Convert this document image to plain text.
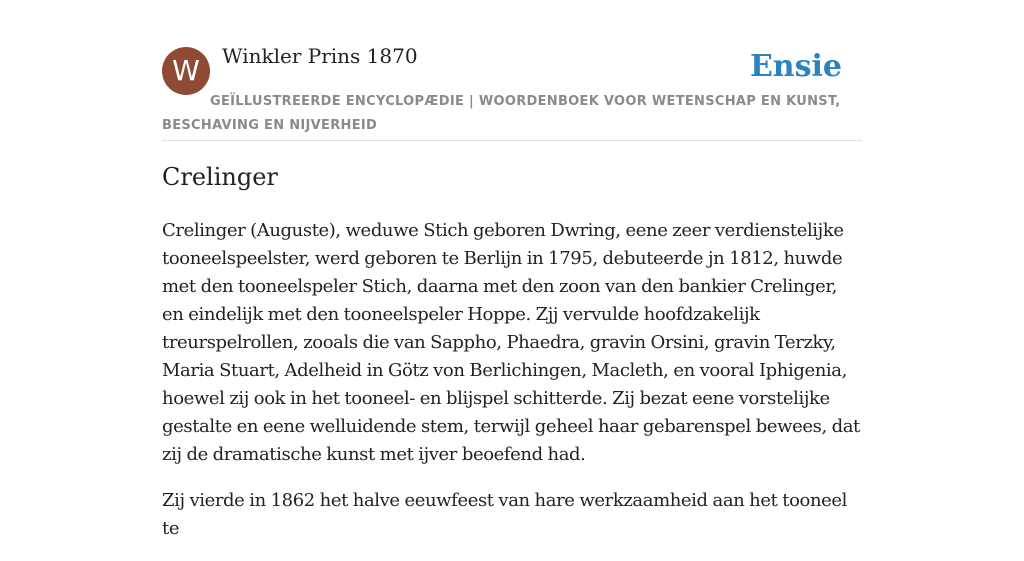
W	Winkler Prins 1870	Ensie
GEÏLLUSTREERDE ENCYCLOPÆDIE | WOORDENBOEK VOOR WETENSCHAP EN KUNST, BESCHAVING EN NIJVERHEID
Crelinger

Crelinger (Auguste), weduwe Stich geboren Dwring, eene zeer verdienstelijke tooneelspeelster, werd geboren te Berlijn in 1795, debuteerde jn 1812, huwde met den tooneelspeler Stich, daarna met den zoon van den bankier Crelinger, en eindelijk met den tooneelspeler Hoppe. Zjj vervulde hoofdzakelijk treurspelrollen, zooals die van Sappho, Phaedra, gravin Orsini, gravin Terzky, Maria Stuart, Adelheid in Götz von Berlichingen, Macleth, en vooral Iphigenia, hoewel zij ook in het tooneel- en blijspel schitterde. Zij bezat eene vorstelijke gestalte en eene welluidende stem, terwijl geheel haar gebarenspel bewees, dat zij de dramatische kunst met ijver beoefend had.

Zij vierde in 1862 het halve eeuwfeest van hare werkzaamheid aan het tooneel te
